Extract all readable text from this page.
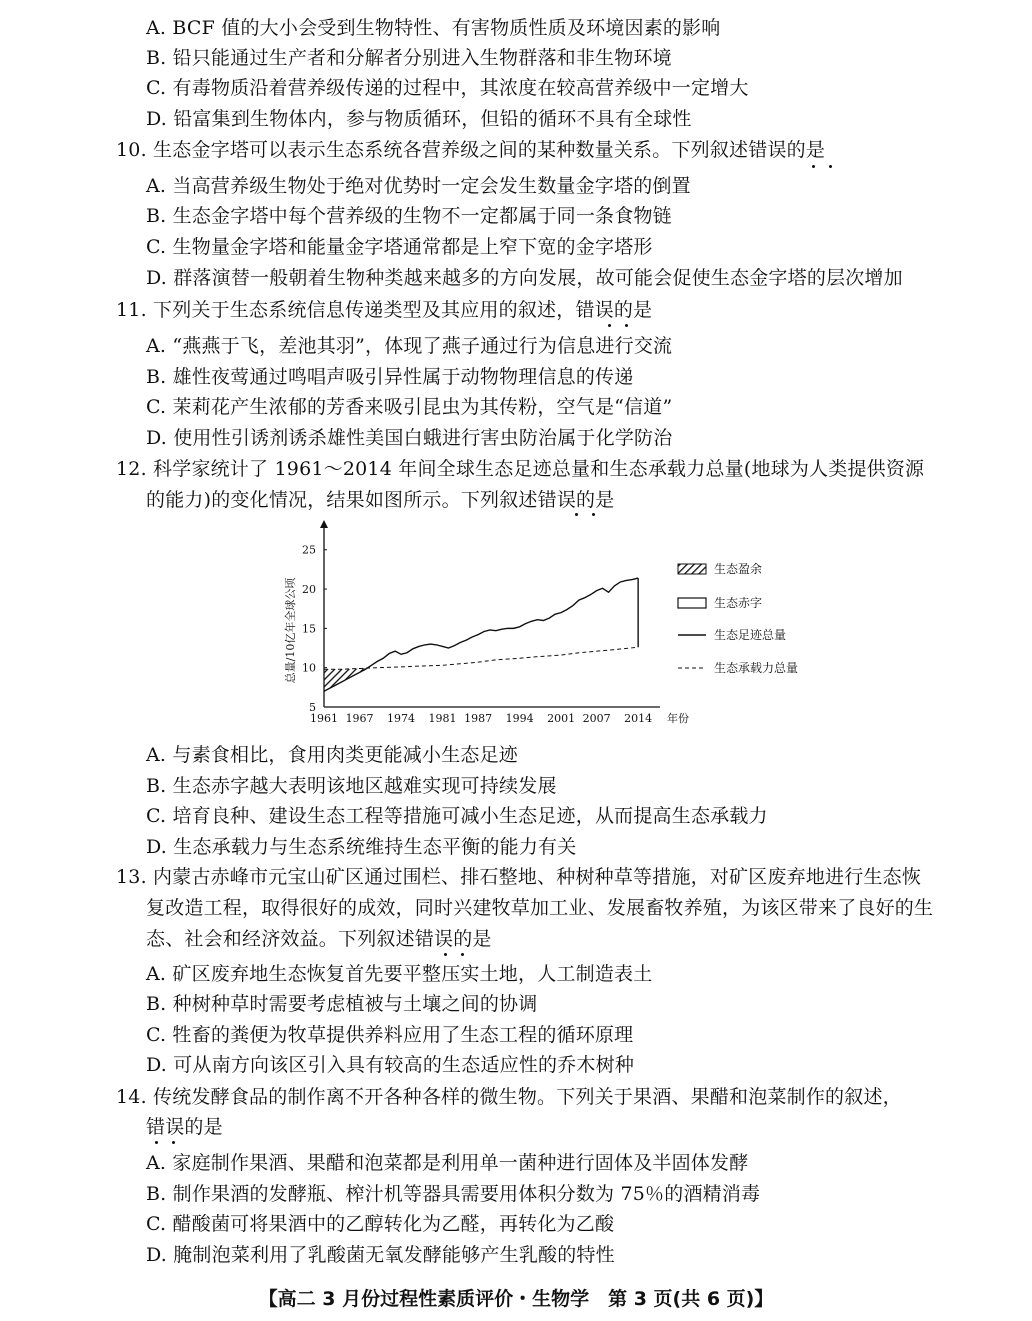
A. BCF 值的大小会受到生物特性、有害物质性质及环境因素的影响
B. 铅只能通过生产者和分解者分别进入生物群落和非生物环境
C. 有毒物质沿着营养级传递的过程中，其浓度在较高营养级中一定增大
D. 铅富集到生物体内，参与物质循环，但铅的循环不具有全球性
10. 生态金字塔可以表示生态系统各营养级之间的某种数量关系。下列叙述错误的是
A. 当高营养级生物处于绝对优势时一定会发生数量金字塔的倒置
B. 生态金字塔中每个营养级的生物不一定都属于同一条食物链
C. 生物量金字塔和能量金字塔通常都是上窄下宽的金字塔形
D. 群落演替一般朝着生物种类越来越多的方向发展，故可能会促使生态金字塔的层次增加
11. 下列关于生态系统信息传递类型及其应用的叙述，错误的是
A. “燕燕于飞，差池其羽”，体现了燕子通过行为信息进行交流
B. 雄性夜莺通过鸣唱声吸引异性属于动物物理信息的传递
C. 茉莉花产生浓郁的芳香来吸引昆虫为其传粉，空气是“信道”
D. 使用性引诱剂诱杀雄性美国白蛾进行害虫防治属于化学防治
12. 科学家统计了 1961～2014 年间全球生态足迹总量和生态承载力总量(地球为人类提供资源
的能力)的变化情况，结果如图所示。下列叙述错误的是
5
10
15
20
25
1961 1967 1974 1981 1987 1994 2001 2007 2014 年份
总量/10亿年全球公顷
生态盈余
生态赤字
生态足迹总量
生态承载力总量
A. 与素食相比，食用肉类更能减小生态足迹
B. 生态赤字越大表明该地区越难实现可持续发展
C. 培育良种、建设生态工程等措施可减小生态足迹，从而提高生态承载力
D. 生态承载力与生态系统维持生态平衡的能力有关
13. 内蒙古赤峰市元宝山矿区通过围栏、排石整地、种树种草等措施，对矿区废弃地进行生态恢
复改造工程，取得很好的成效，同时兴建牧草加工业、发展畜牧养殖，为该区带来了良好的生
态、社会和经济效益。下列叙述错误的是
A. 矿区废弃地生态恢复首先要平整压实土地，人工制造表土
B. 种树种草时需要考虑植被与土壤之间的协调
C. 牲畜的粪便为牧草提供养料应用了生态工程的循环原理
D. 可从南方向该区引入具有较高的生态适应性的乔木树种
14. 传统发酵食品的制作离不开各种各样的微生物。下列关于果酒、果醋和泡菜制作的叙述，
错误的是
A. 家庭制作果酒、果醋和泡菜都是利用单一菌种进行固体及半固体发酵
B. 制作果酒的发酵瓶、榨汁机等器具需要用体积分数为 75％的酒精消毒
C. 醋酸菌可将果酒中的乙醇转化为乙醛，再转化为乙酸
D. 腌制泡菜利用了乳酸菌无氧发酵能够产生乳酸的特性
【高二 3 月份过程性素质评价・生物学　第 3 页(共 6 页)】
